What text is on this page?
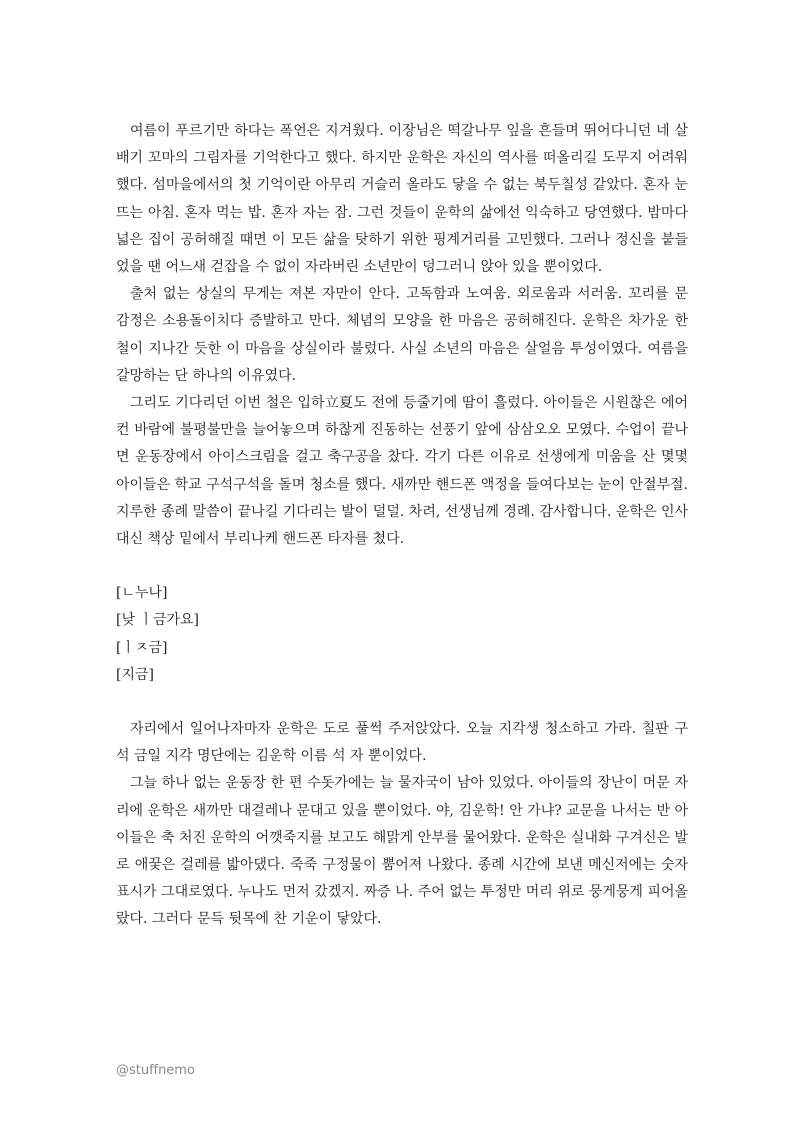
여름이 푸르기만 하다는 폭언은 지겨웠다. 이장님은 떡갈나무 잎을 흔들며 뛰어다니던 네 살배기 꼬마의 그림자를 기억한다고 했다. 하지만 운학은 자신의 역사를 떠올리길 도무지 어려워했다. 섬마을에서의 첫 기억이란 아무리 거슬러 올라도 닿을 수 없는 북두칠성 같았다. 혼자 눈뜨는 아침. 혼자 먹는 밥. 혼자 자는 잠. 그런 것들이 운학의 삶에선 익숙하고 당연했다. 밤마다 넓은 집이 공허해질 때면 이 모든 삶을 탓하기 위한 핑계거리를 고민했다. 그러나 정신을 붙들었을 땐 어느새 걷잡을 수 없이 자라버린 소년만이 덩그러니 앉아 있을 뿐이었다.

출처 없는 상실의 무게는 져본 자만이 안다. 고독함과 노여움. 외로움과 서러움. 꼬리를 문 감정은 소용돌이치다 증발하고 만다. 체념의 모양을 한 마음은 공허해진다. 운학은 차가운 한 철이 지나간 듯한 이 마음을 상실이라 불렀다. 사실 소년의 마음은 살얼음 투성이였다. 여름을 갈망하는 단 하나의 이유였다.

그리도 기다리던 이번 철은 입하立夏도 전에 등줄기에 땀이 흘렀다. 아이들은 시원찮은 에어컨 바람에 불평불만을 늘어놓으며 하찮게 진동하는 선풍기 앞에 삼삼오오 모였다. 수업이 끝나면 운동장에서 아이스크림을 걸고 축구공을 찼다. 각기 다른 이유로 선생에게 미움을 산 몇몇 아이들은 학교 구석구석을 돌며 청소를 했다. 새까만 핸드폰 액정을 들여다보는 눈이 안절부절. 지루한 종례 말씀이 끝나길 기다리는 발이 덜덜. 차려, 선생님께 경례. 감사합니다. 운학은 인사 대신 책상 밑에서 부리나케 핸드폰 타자를 쳤다.

[ㄴ누나]

[낮 ㅣ금가요]

[ㅣㅈ금]

[지금]

자리에서 일어나자마자 운학은 도로 풀썩 주저앉았다. 오늘 지각생 청소하고 가라. 칠판 구석 금일 지각 명단에는 김운학 이름 석 자 뿐이었다.

그늘 하나 없는 운동장 한 편 수돗가에는 늘 물자국이 남아 있었다. 아이들의 장난이 머문 자리에 운학은 새까만 대걸레나 문대고 있을 뿐이었다. 야, 김운학! 안 가냐? 교문을 나서는 반 아이들은 축 처진 운학의 어깻죽지를 보고도 해맑게 안부를 물어왔다. 운학은 실내화 구겨신은 발로 애꿎은 걸레를 밟아댔다. 죽죽 구정물이 뿜어져 나왔다. 종례 시간에 보낸 메신저에는 숫자 표시가 그대로였다. 누나도 먼저 갔겠지. 짜증 나. 주어 없는 투정만 머리 위로 뭉게뭉게 피어올랐다. 그러다 문득 뒷목에 찬 기운이 닿았다.

@stuffnemo
